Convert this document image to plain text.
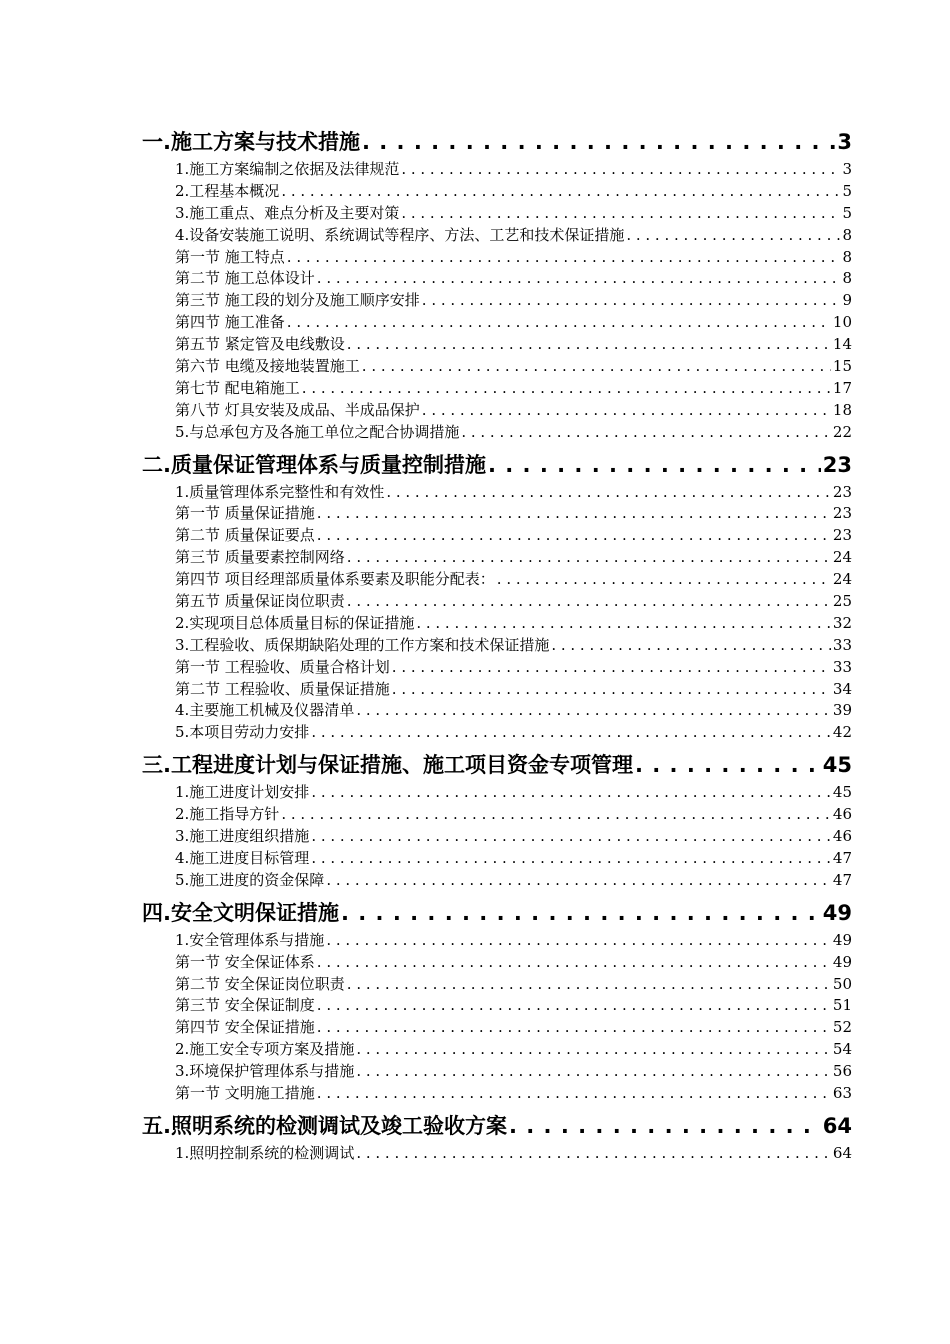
一.施工方案与技术措施 . . .	3
1.施工方案编制之依据及法律规范 . . .	3
2.工程基本概况 . . .	5
3.施工重点、难点分析及主要对策 . . .	5
4.设备安装施工说明、系统调试等程序、方法、工艺和技术保证措施 . . .	8
第一节 施工特点 . . .	8
第二节 施工总体设计 . . .	8
第三节 施工段的划分及施工顺序安排 . . .	9
第四节 施工准备 . . .	10
第五节 紧定管及电线敷设 . . .	14
第六节 电缆及接地装置施工 . . .	15
第七节 配电箱施工 . . .	17
第八节 灯具安装及成品、半成品保护 . . .	18
5.与总承包方及各施工单位之配合协调措施 . . .	22
二.质量保证管理体系与质量控制措施 . . .	23
1.质量管理体系完整性和有效性 . . .	23
第一节 质量保证措施 . . .	23
第二节 质量保证要点 . . .	23
第三节 质量要素控制网络 . . .	24
第四节 项目经理部质量体系要素及职能分配表： . . .	24
第五节 质量保证岗位职责 . . .	25
2.实现项目总体质量目标的保证措施 . . .	32
3.工程验收、质保期缺陷处理的工作方案和技术保证措施 . . .	33
第一节 工程验收、质量合格计划 . . .	33
第二节 工程验收、质量保证措施 . . .	34
4.主要施工机械及仪器清单 . . .	39
5.本项目劳动力安排 . . .	42
三.工程进度计划与保证措施、施工项目资金专项管理 . . .	45
1.施工进度计划安排 . . .	45
2.施工指导方针 . . .	46
3.施工进度组织措施 . . .	46
4.施工进度目标管理 . . .	47
5.施工进度的资金保障 . . .	47
四.安全文明保证措施 . . .	49
1.安全管理体系与措施 . . .	49
第一节 安全保证体系 . . .	49
第二节 安全保证岗位职责 . . .	50
第三节 安全保证制度 . . .	51
第四节 安全保证措施 . . .	52
2.施工安全专项方案及措施 . . .	54
3.环境保护管理体系与措施 . . .	56
第一节 文明施工措施 . . .	63
五.照明系统的检测调试及竣工验收方案 . . .	64
1.照明控制系统的检测调试 . . .	64
